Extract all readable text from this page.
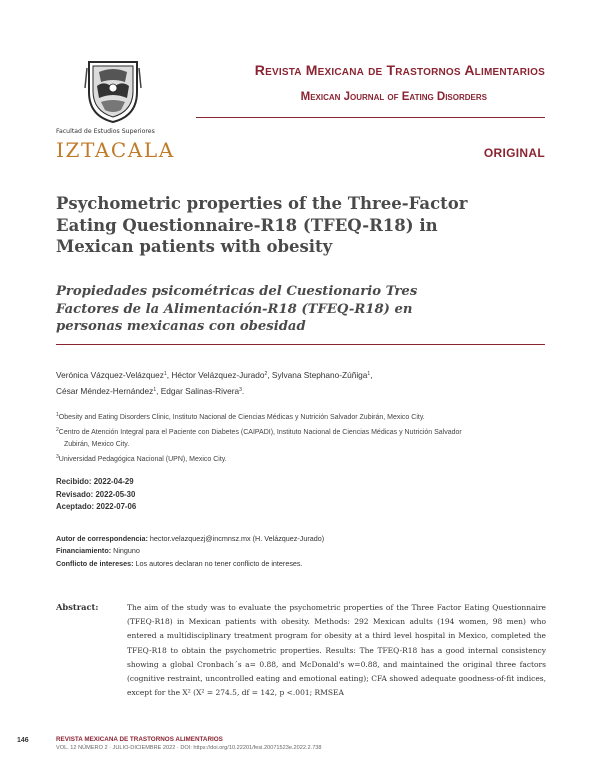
Facultad de Estudios Superiores
IZTACALA
Revista Mexicana de Trastornos Alimentarios
Mexican Journal of Eating Disorders
ORIGINAL
Psychometric properties of the Three-Factor Eating Questionnaire-R18 (TFEQ-R18) in Mexican patients with obesity
Propiedades psicométricas del Cuestionario Tres Factores de la Alimentación-R18 (TFEQ-R18) en personas mexicanas con obesidad
Verónica Vázquez-Velázquez$^1$, Héctor Velázquez-Jurado$^2$, Sylvana Stephano-Zúñiga$^1$,
César Méndez-Hernández$^1$, Edgar Salinas-Rivera$^3$.
$^1$Obesity and Eating Disorders Clinic, Instituto Nacional de Ciencias Médicas y Nutrición Salvador Zubirán, Mexico City.
$^2$Centro de Atención Integral para el Paciente con Diabetes (CAIPADI), Instituto Nacional de Ciencias Médicas y Nutrición Salvador
Zubirán, Mexico City.
$^3$Universidad Pedagógica Nacional (UPN), Mexico City.
Recibido: 2022-04-29
Revisado: 2022-05-30
Aceptado: 2022-07-06
Autor de correspondencia: hector.velazquezj@incmnsz.mx (H. Velázquez-Jurado)
Financiamiento: Ninguno
Conflicto de intereses: Los autores declaran no tener conflicto de intereses.
Abstract:	The aim of the study was to evaluate the psychometric properties of the Three Factor Eating Questionnaire (TFEQ-R18) in Mexican patients with obesity. Methods: 292 Mexican adults (194 women, 98 men) who entered a multidisciplinary treatment program for obesity at a third level hospital in Mexico, completed the TFEQ-R18 to obtain the psychometric properties. Results: The TFEQ-R18 has a good internal consistency showing a global Cronbach´s a= 0.88, and McDonald's w=0.88, and maintained the original three factors (cognitive restraint, uncontrolled eating and emotional eating); CFA showed adequate goodness-of-fit indices, except for the X² (X² = 274.5, df = 142, p <.001; RMSEA

146	REVISTA MEXICANA DE TRASTORNOS ALIMENTARIOS
VOL. 12 NÚMERO 2 · JULIO-DICIEMBRE 2022 · DOI: https://doi.org/10.22201/fesi.20071523e.2022.2.738
